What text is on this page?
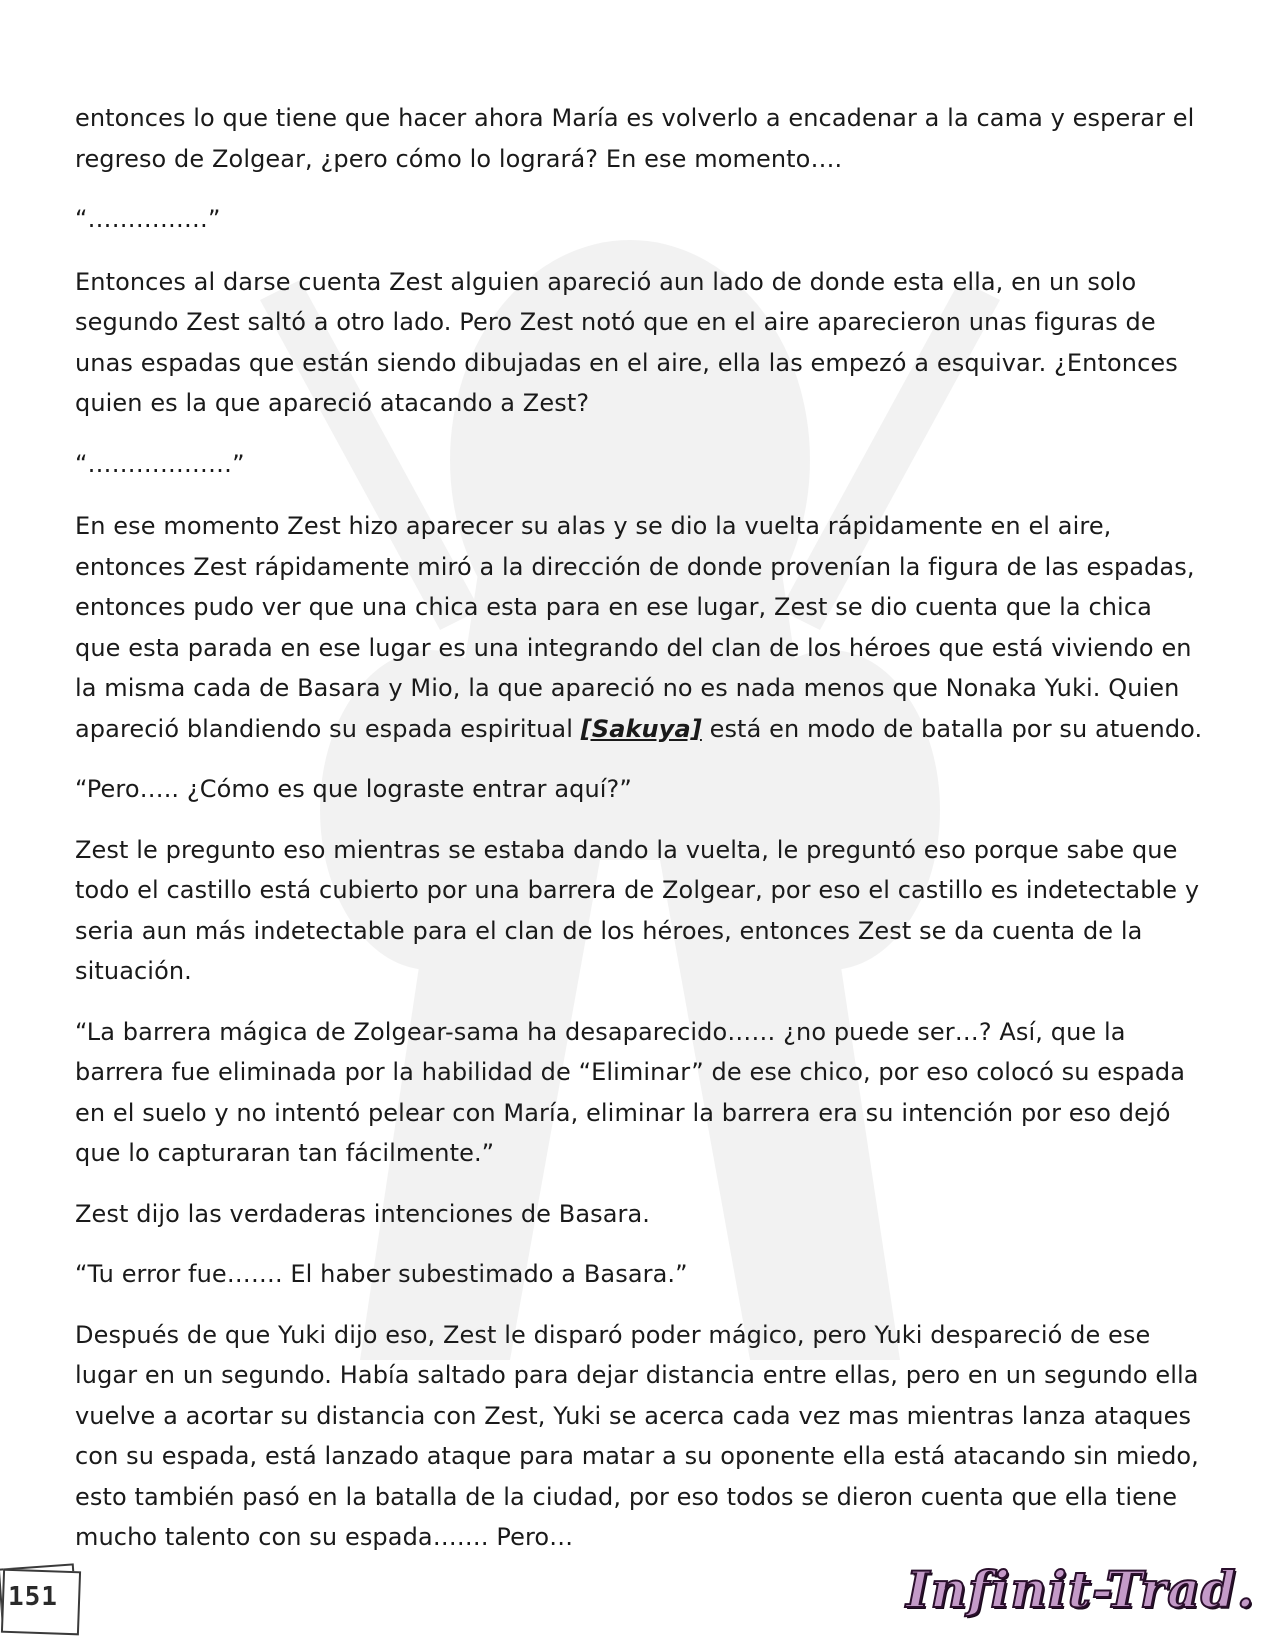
entonces lo que tiene que hacer ahora María es volverlo a encadenar a la cama y esperar el regreso de Zolgear, ¿pero cómo lo logrará? En ese momento….

“……………”

Entonces al darse cuenta Zest alguien apareció aun lado de donde esta ella, en un solo segundo Zest saltó a otro lado. Pero Zest notó que en el aire aparecieron unas figuras de unas espadas que están siendo dibujadas en el aire, ella las empezó a esquivar. ¿Entonces quien es la que apareció atacando a Zest?

“………………”

En ese momento Zest hizo aparecer su alas y se dio la vuelta rápidamente en el aire, entonces Zest rápidamente miró a la dirección de donde provenían la figura de las espadas, entonces pudo ver que una chica esta para en ese lugar, Zest se dio cuenta que la chica que esta parada en ese lugar es una integrando del clan de los héroes que está viviendo en la misma cada de Basara y Mio, la que apareció no es nada menos que Nonaka Yuki. Quien apareció blandiendo su espada espiritual [Sakuya] está en modo de batalla por su atuendo.

“Pero….. ¿Cómo es que lograste entrar aquí?”

Zest le pregunto eso mientras se estaba dando la vuelta, le preguntó eso porque sabe que todo el castillo está cubierto por una barrera de Zolgear, por eso el castillo es indetectable y seria aun más indetectable para el clan de los héroes, entonces Zest se da cuenta de la situación.

“La barrera mágica de Zolgear-sama ha desaparecido…… ¿no puede ser…? Así, que la barrera fue eliminada por la habilidad de “Eliminar” de ese chico, por eso colocó su espada en el suelo y no intentó pelear con María, eliminar la barrera era su intención por eso dejó que lo capturaran tan fácilmente.”

Zest dijo las verdaderas intenciones de Basara.

“Tu error fue……. El haber subestimado a Basara.”

Después de que Yuki dijo eso, Zest le disparó poder mágico, pero Yuki despareció de ese lugar en un segundo. Había saltado para dejar distancia entre ellas, pero en un segundo ella vuelve a acortar su distancia con Zest, Yuki se acerca cada vez mas mientras lanza ataques con su espada, está lanzado ataque para matar a su oponente ella está atacando sin miedo, esto también pasó en la batalla de la ciudad, por eso todos se dieron cuenta que ella tiene mucho talento con su espada……. Pero…

151	Infinit-Trad.
